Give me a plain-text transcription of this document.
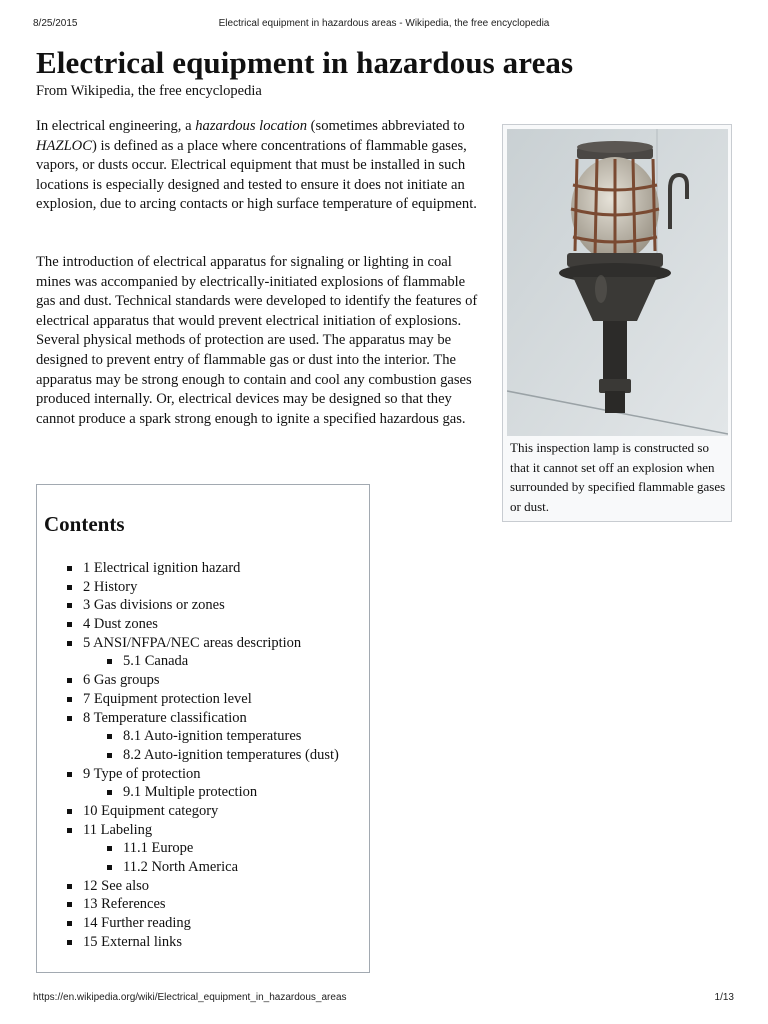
8/25/2015	Electrical equipment in hazardous areas - Wikipedia, the free encyclopedia
Electrical equipment in hazardous areas
From Wikipedia, the free encyclopedia

In electrical engineering, a hazardous location (sometimes abbreviated to HAZLOC) is defined as a place where concentrations of flammable gases, vapors, or dusts occur. Electrical equipment that must be installed in such locations is especially designed and tested to ensure it does not initiate an explosion, due to arcing contacts or high surface temperature of equipment.

The introduction of electrical apparatus for signaling or lighting in coal mines was accompanied by electrically-initiated explosions of flammable gas and dust. Technical standards were developed to identify the features of electrical apparatus that would prevent electrical initiation of explosions. Several physical methods of protection are used. The apparatus may be designed to prevent entry of flammable gas or dust into the interior. The apparatus may be strong enough to contain and cool any combustion gases produced internally. Or, electrical devices may be designed so that they cannot produce a spark strong enough to ignite a specified hazardous gas.

This inspection lamp is constructed so that it cannot set off an explosion when surrounded by specified flammable gases or dust.
Contents
1 Electrical ignition hazard
2 History
3 Gas divisions or zones
4 Dust zones
5 ANSI/NFPA/NEC areas description
5.1 Canada
6 Gas groups
7 Equipment protection level
8 Temperature classification
8.1 Auto-ignition temperatures
8.2 Auto-ignition temperatures (dust)
9 Type of protection
9.1 Multiple protection
10 Equipment category
11 Labeling
11.1 Europe
11.2 North America
12 See also
13 References
14 Further reading
15 External links
https://en.wikipedia.org/wiki/Electrical_equipment_in_hazardous_areas	1/13
